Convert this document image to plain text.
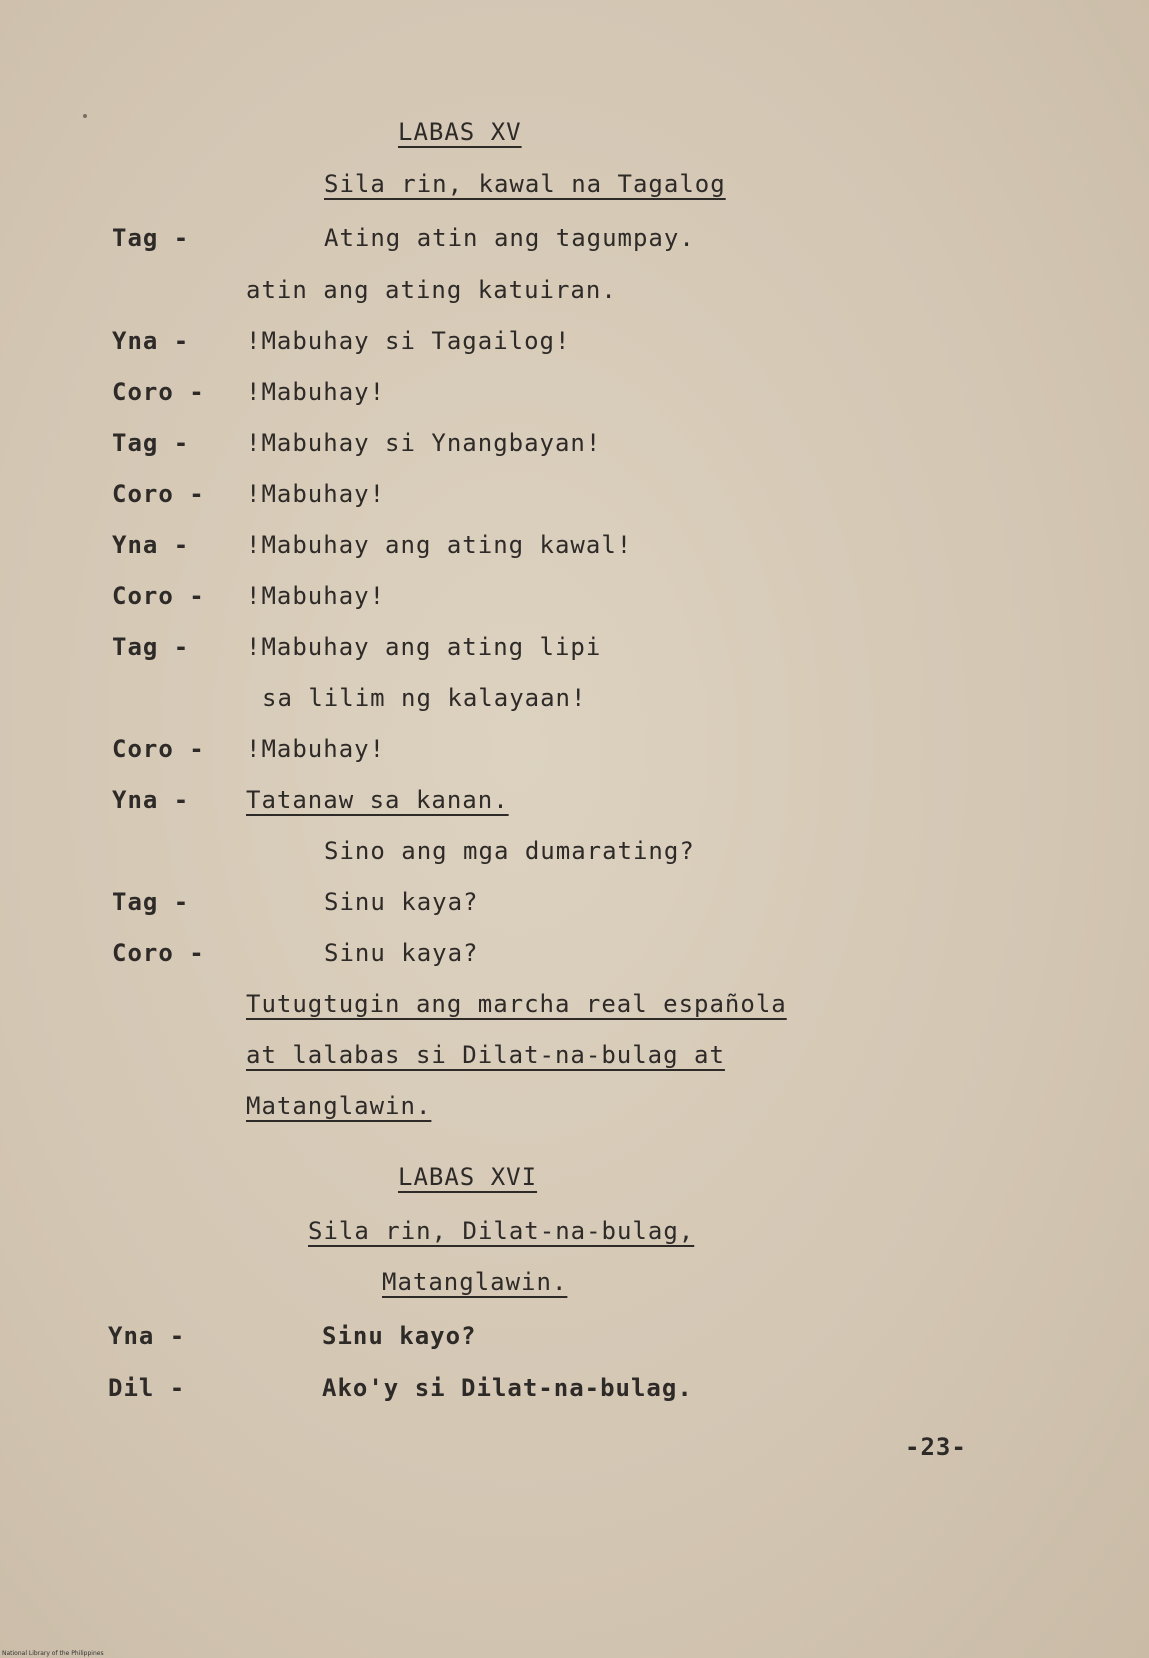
LABAS XV
Sila rin, kawal na Tagalog
Tag -	Ating atin ang tagumpay.
atin ang ating katuiran.
Yna - !Mabuhay si Tagailog!
Coro - !Mabuhay!
Tag - !Mabuhay si Ynangbayan!
Coro - !Mabuhay!
Yna - !Mabuhay ang ating kawal!
Coro - !Mabuhay!
Tag - !Mabuhay ang ating lipi
sa lilim ng kalayaan!
Coro - !Mabuhay!
Yna - Tatanaw sa kanan.
Sino ang mga dumarating?
Tag -	Sinu kaya?
Coro -	Sinu kaya?
Tutugtugin ang marcha real española
at lalabas si Dilat-na-bulag at
Matanglawin.
LABAS XVI
Sila rin, Dilat-na-bulag,
Matanglawin.
Yna -	Sinu kayo?
Dil -	Ako'y si Dilat-na-bulag.
-23-
National Library of the Philippines
